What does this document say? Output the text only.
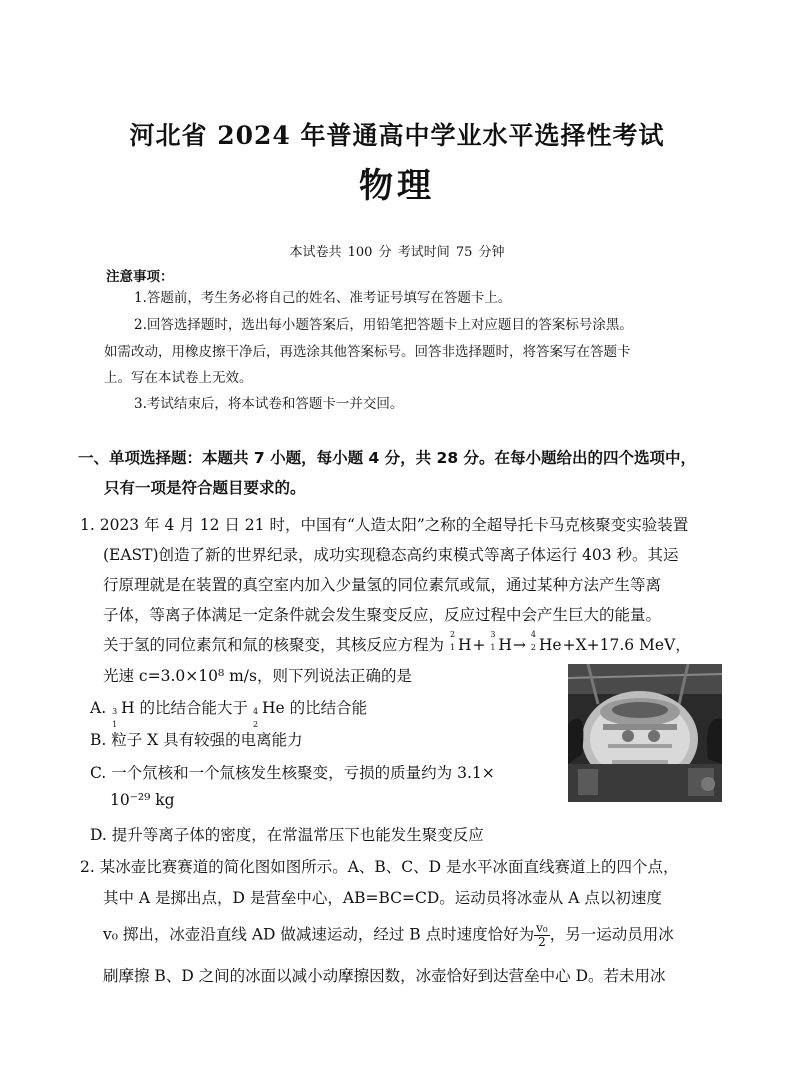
河北省 2024 年普通高中学业水平选择性考试
物理
本试卷共 100 分 考试时间 75 分钟
注意事项：
1.答题前，考生务必将自己的姓名、准考证号填写在答题卡上。
2.回答选择题时，选出每小题答案后，用铅笔把答题卡上对应题目的答案标号涂黑。
如需改动，用橡皮擦干净后，再选涂其他答案标号。回答非选择题时，将答案写在答题卡
上。写在本试卷上无效。
3.考试结束后，将本试卷和答题卡一并交回。
一、单项选择题：本题共 7 小题，每小题 4 分，共 28 分。在每小题给出的四个选项中，
只有一项是符合题目要求的。
1. 2023 年 4 月 12 日 21 时，中国有“人造太阳”之称的全超导托卡马克核聚变实验装置
(EAST)创造了新的世界纪录，成功实现稳态高约束模式等离子体运行 403 秒。其运
行原理就是在装置的真空室内加入少量氢的同位素氘或氚，通过某种方法产生等离
子体，等离子体满足一定条件就会发生聚变反应，反应过程中会产生巨大的能量。
关于氢的同位素氘和氚的核聚变，其核反应方程为
2
1 H+
3
1 H→
4
2 He+X+17.6 MeV，
光速 c=3.0×10⁸ m/s，则下列说法正确的是
A. 3
1
H 的比结合能大于 4
2
He 的比结合能
B. 粒子 X 具有较强的电离能力
C. 一个氘核和一个氚核发生核聚变，亏损的质量约为 3.1×
10⁻²⁹ kg
D. 提升等离子体的密度，在常温常压下也能发生聚变反应
2. 某冰壶比赛赛道的简化图如图所示。A、B、C、D 是水平冰面直线赛道上的四个点，
其中 A 是掷出点，D 是营垒中心，AB=BC=CD。运动员将冰壶从 A 点以初速度
v₀ 掷出，冰壶沿直线 AD 做减速运动，经过 B 点时速度恰好为 $\frac{\text{v₀}}{2}$ ，另一运动员用冰
刷摩擦 B、D 之间的冰面以减小动摩擦因数，冰壶恰好到达营垒中心 D。若未用冰
